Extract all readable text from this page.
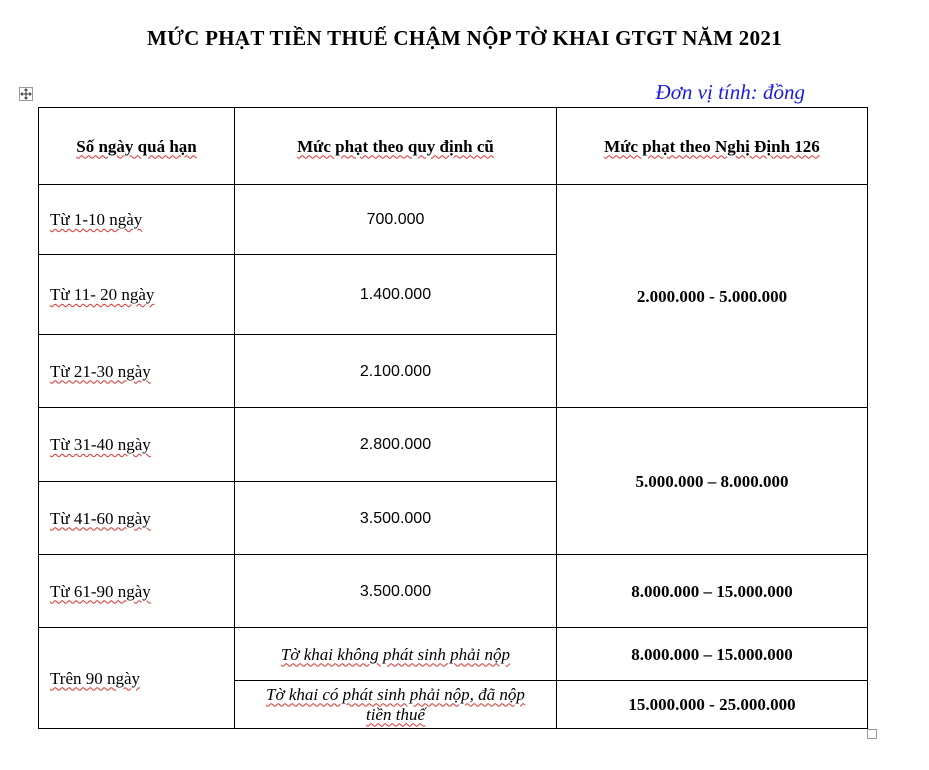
MỨC PHẠT TIỀN THUẾ CHẬM NỘP TỜ KHAI GTGT NĂM 2021
Đơn vị tính: đồng
Số ngày quá hạn	Mức phạt theo quy định cũ	Mức phạt theo Nghị Định 126
Từ 1-10 ngày	700.000	2.000.000 - 5.000.000
Từ 11- 20 ngày	1.400.000	
Từ 21-30 ngày	2.100.000	
Từ 31-40 ngày	2.800.000	5.000.000 – 8.000.000
Từ 41-60 ngày	3.500.000	
Từ 61-90 ngày	3.500.000	8.000.000 – 15.000.000
Trên 90 ngày	Tờ khai không phát sinh phải nộp	8.000.000 – 15.000.000
	Tờ khai có phát sinh phải nộp, đã nộp tiền thuế	15.000.000 - 25.000.000
